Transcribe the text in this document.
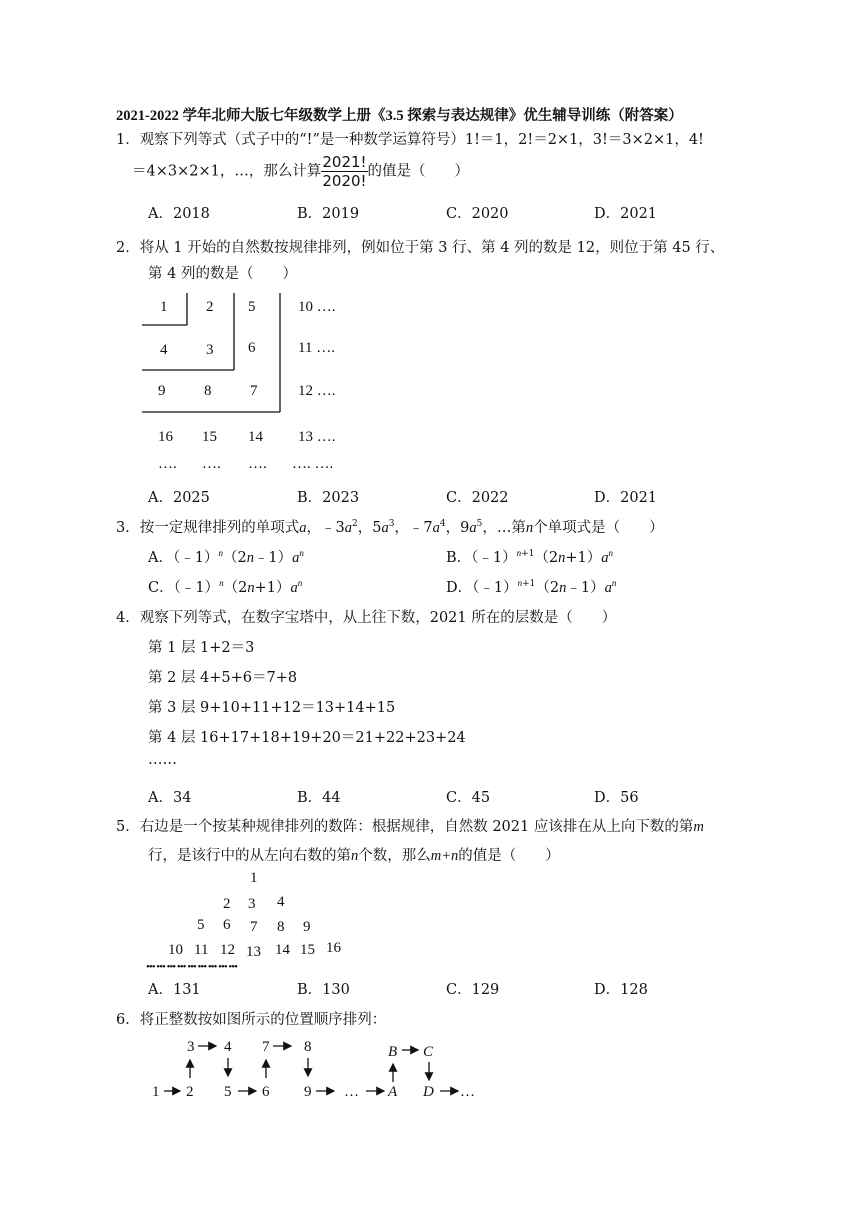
2021-2022 学年北师大版七年级数学上册《3.5 探索与表达规律》优生辅导训练（附答案）
1．观察下列等式（式子中的“!”是一种数学运算符号）1!＝1，2!＝2×1，3!＝3×2×1，4!
＝4×3×2×1，…，那么计算 $\frac{2021!}{2020!}$ 的值是（　　）
A．2018	B．2019	C．2020	D．2021
2．将从 1 开始的自然数按规律排列，例如位于第 3 行、第 4 列的数是 12，则位于第 45 行、
第 4 列的数是（　　）
1	2 5	10 ….
4	3 6	11 ….
9	8	7	12 ….
16 15 14 13 ….
…. …. …. …. ….
A．2025	B．2023	C．2022	D．2021
3．按一定规律排列的单项式a，$﹣3a^2$，$5a^3$，$﹣7a^4$，$9a^5$，…第n个单项式是（　　）
A．$(﹣1)^n(2n﹣1)a^n$	B．$(﹣1)^{n+1}(2n+1)a^n$
C．$(﹣1)^n(2n+1)a^n$	D．$(﹣1)^{n+1}(2n﹣1)a^n$
4．观察下列等式，在数字宝塔中，从上往下数，2021 所在的层数是（　　）
第 1 层 1+2＝3
第 2 层 4+5+6＝7+8
第 3 层 9+10+11+12＝13+14+15
第 4 层 16+17+18+19+20＝21+22+23+24
……
A．34	B．44	C．45	D．56
5．右边是一个按某种规律排列的数阵：根据规律，自然数 2021 应该排在从上向下数的第m
行，是该行中的从左向右数的第n个数，那么m+n的值是（　　）
1
2 3 4
5 6 7 8 9
10 11 12 13 14 15 16
••• ••• ••• ••• ••• ••• ••• ••• •••
A．131	B．130	C．129	D．128
6．将正整数按如图所示的位置顺序排列：
3 4 7 8	B C
1 2 5 6 9 … A D …
